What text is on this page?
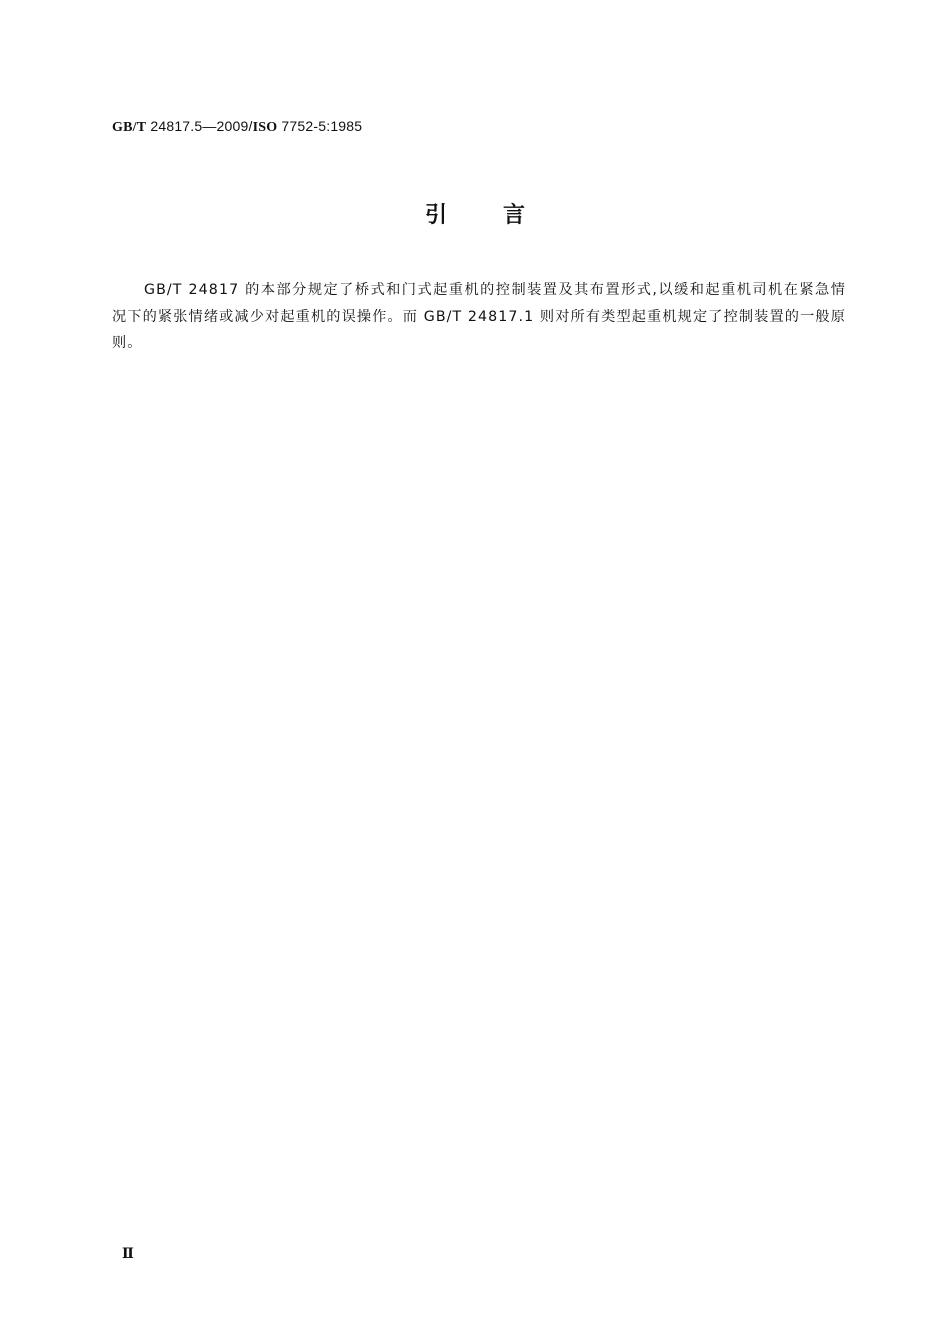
GB/T 24817.5—2009/ISO 7752-5:1985
引言

GB/T 24817 的本部分规定了桥式和门式起重机的控制装置及其布置形式,以缓和起重机司机在紧急情况下的紧张情绪或减少对起重机的误操作。而 GB/T 24817.1 则对所有类型起重机规定了控制装置的一般原则。

Ⅱ
